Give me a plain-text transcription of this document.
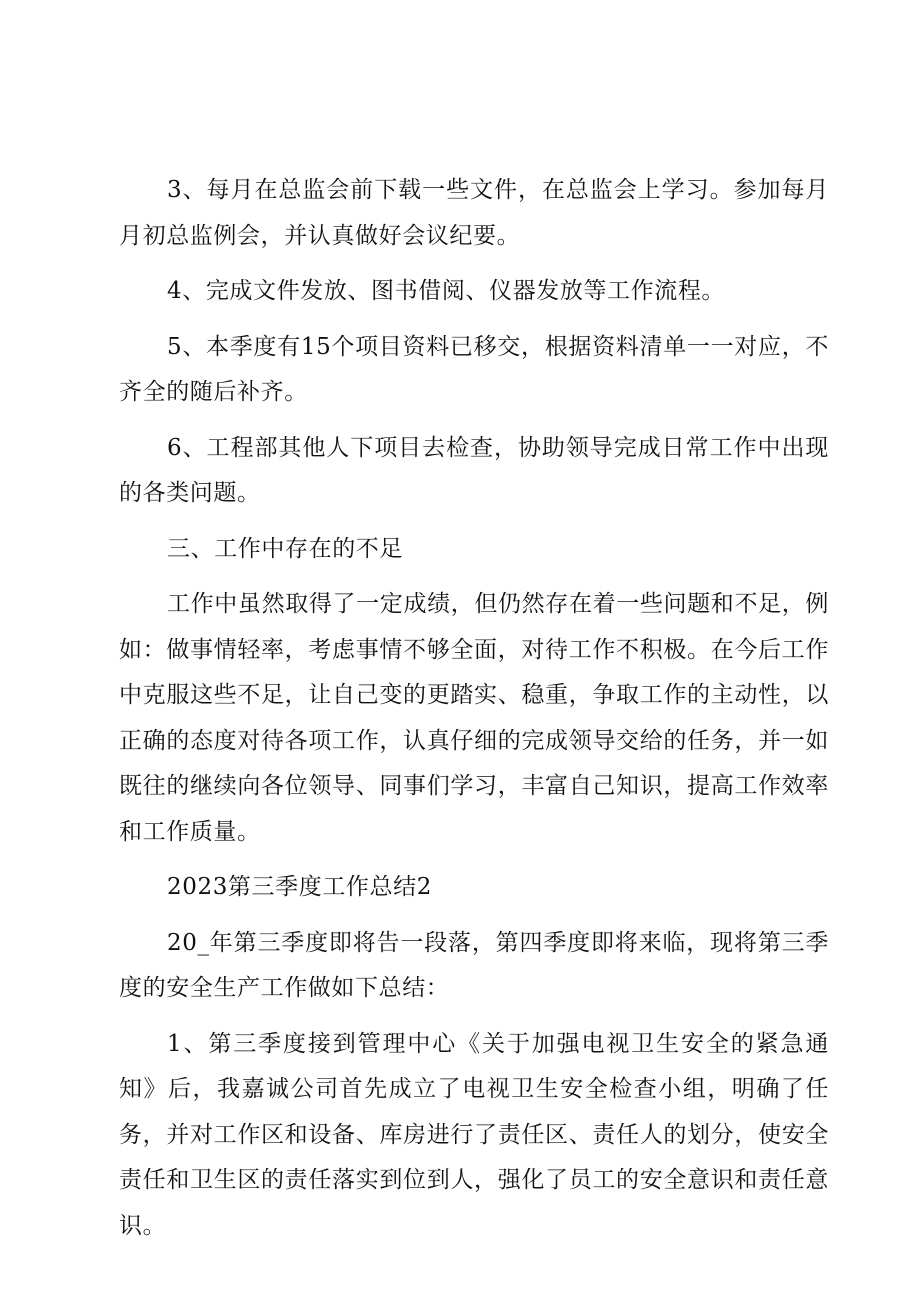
3、每月在总监会前下载一些文件，在总监会上学习。参加每月月初总监例会，并认真做好会议纪要。

4、完成文件发放、图书借阅、仪器发放等工作流程。

5、本季度有15个项目资料已移交，根据资料清单一一对应，不齐全的随后补齐。

6、工程部其他人下项目去检查，协助领导完成日常工作中出现的各类问题。

三、工作中存在的不足

工作中虽然取得了一定成绩，但仍然存在着一些问题和不足，例如：做事情轻率，考虑事情不够全面，对待工作不积极。在今后工作中克服这些不足，让自己变的更踏实、稳重，争取工作的主动性，以正确的态度对待各项工作，认真仔细的完成领导交给的任务，并一如既往的继续向各位领导、同事们学习，丰富自己知识，提高工作效率和工作质量。

2023第三季度工作总结2

20_年第三季度即将告一段落，第四季度即将来临，现将第三季度的安全生产工作做如下总结：

1、第三季度接到管理中心《关于加强电视卫生安全的紧急通知》后，我嘉诚公司首先成立了电视卫生安全检查小组，明确了任务，并对工作区和设备、库房进行了责任区、责任人的划分，使安全责任和卫生区的责任落实到位到人，强化了员工的安全意识和责任意识。
